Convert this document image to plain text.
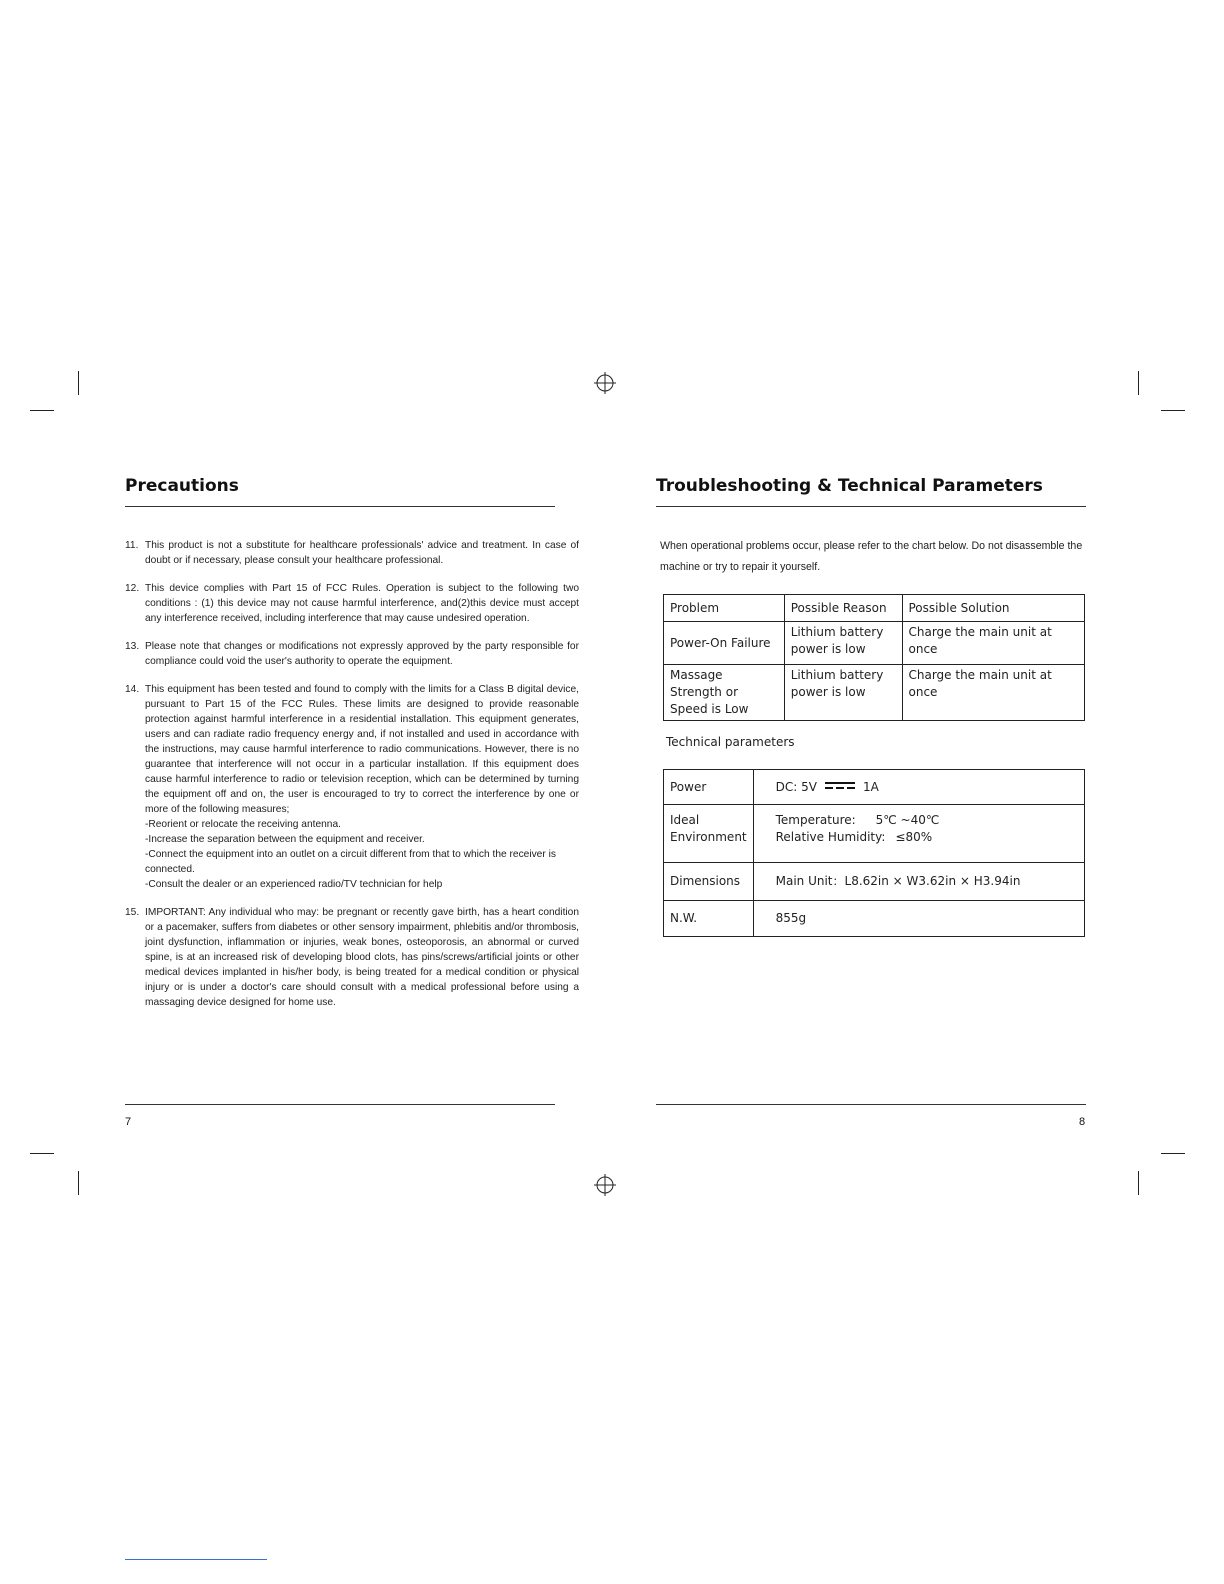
Precautions
11. This product is not a substitute for healthcare professionals' advice and treatment. In case of doubt or if necessary, please consult your healthcare professional.
12. This device complies with Part 15 of FCC Rules. Operation is subject to the following two conditions : (1) this device may not cause harmful interference, and(2)this device must accept any interference received, including interference that may cause undesired operation.
13. Please note that changes or modifications not expressly approved by the party responsible for compliance could void the user's authority to operate the equipment.
14. This equipment has been tested and found to comply with the limits for a Class B digital device, pursuant to Part 15 of the FCC Rules. These limits are designed to provide reasonable protection against harmful interference in a residential installation. This equipment generates, users and can radiate radio frequency energy and, if not installed and used in accordance with the instructions, may cause harmful interference to radio communications. However, there is no guarantee that interference will not occur in a particular installation. If this equipment does cause harmful interference to radio or television reception, which can be determined by turning the equipment off and on, the user is encouraged to try to correct the interference by one or more of the following measures;
-Reorient or relocate the receiving antenna.
-Increase the separation between the equipment and receiver.
-Connect the equipment into an outlet on a circuit different from that to which the receiver is connected.
-Consult the dealer or an experienced radio/TV technician for help
15. IMPORTANT: Any individual who may: be pregnant or recently gave birth, has a heart condition or a pacemaker, suffers from diabetes or other sensory impairment, phlebitis and/or thrombosis, joint dysfunction, inflammation or injuries, weak bones, osteoporosis, an abnormal or curved spine, is at an increased risk of developing blood clots, has pins/screws/artificial joints or other medical devices implanted in his/her body, is being treated for a medical condition or physical injury or is under a doctor's care should consult with a medical professional before using a massaging device designed for home use.
7
Troubleshooting & Technical Parameters
When operational problems occur, please refer to the chart below. Do not disassemble the machine or try to repair it yourself.
Problem	Possible Reason	Possible Solution
Power-On Failure	Lithium battery power is low	Charge the main unit at once
Massage Strength or Speed is Low	Lithium battery power is low	Charge the main unit at once
Technical parameters
Power	DC: 5V 1A
Ideal Environment	Temperature: 5℃ ~40℃
Relative Humidity: ≤80%

Dimensions	Main Unit：L8.62in × W3.62in × H3.94in
N.W.	855g
8
